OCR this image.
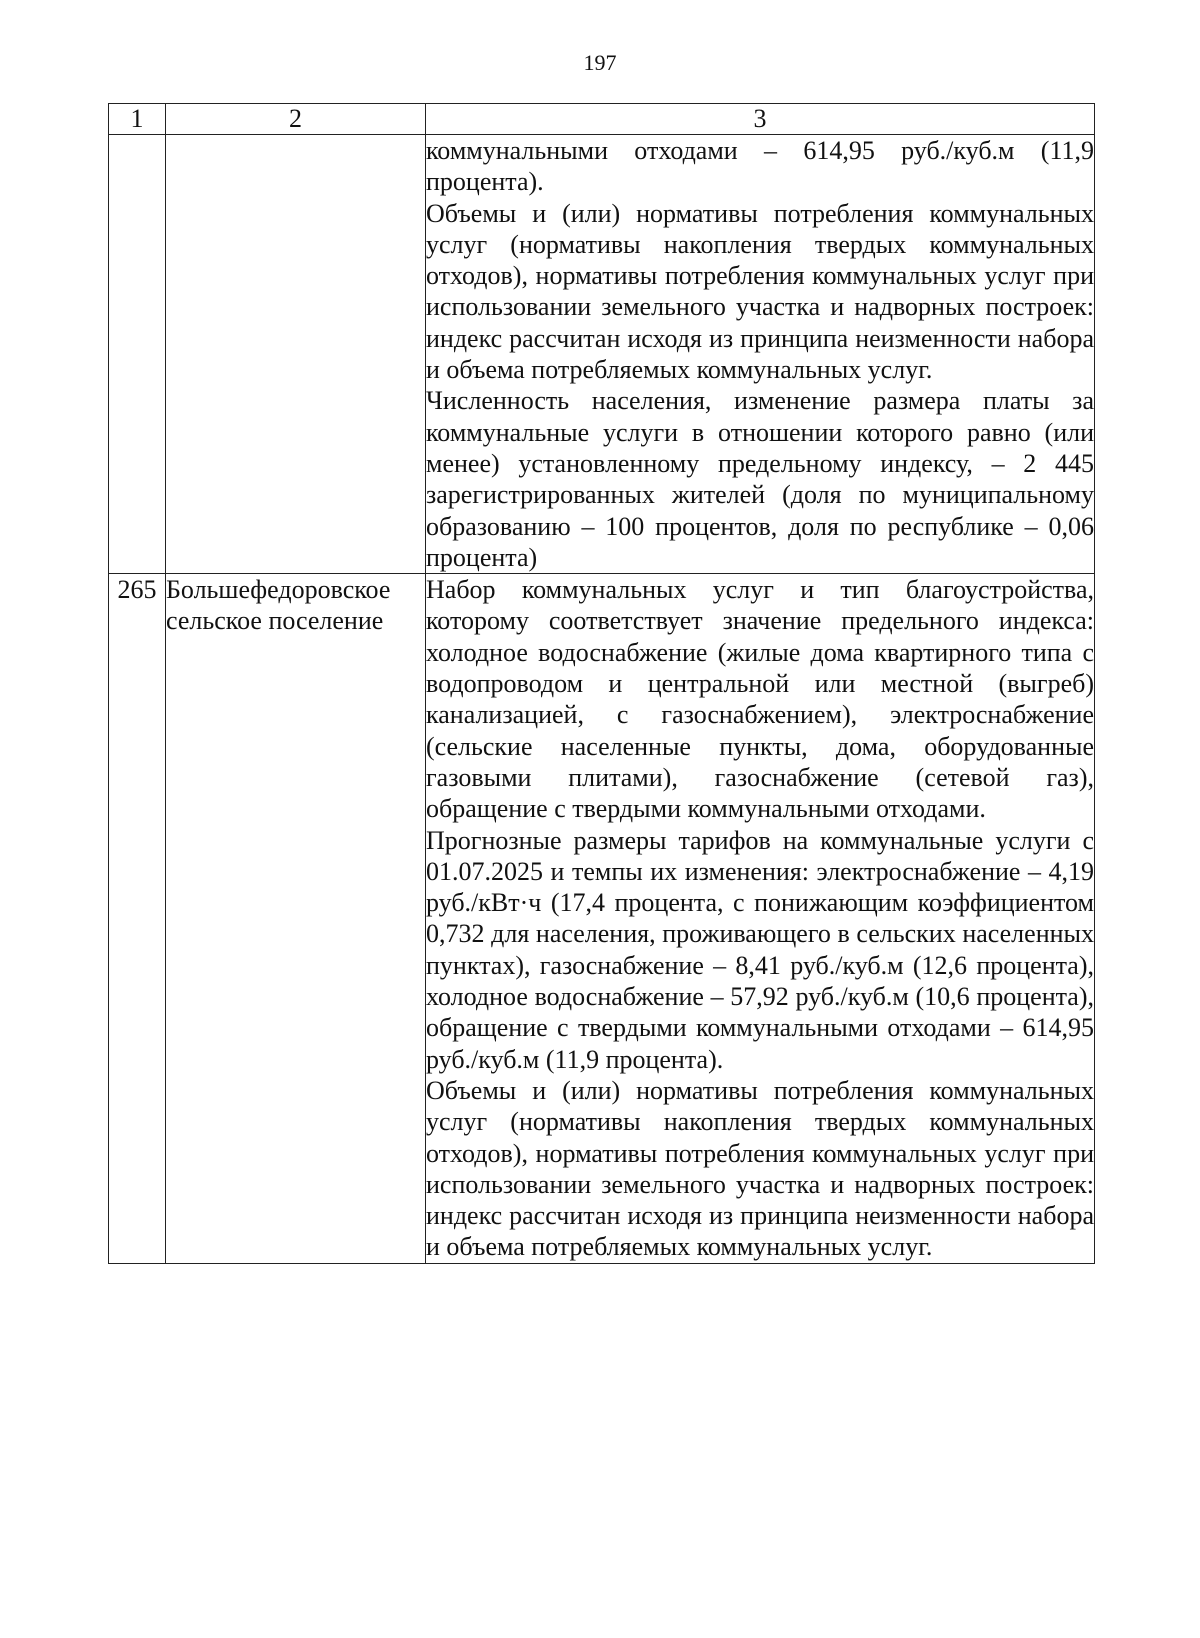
197
1	2	3

		коммунальными отходами – 614,95 руб./куб.м (11,9 процента).

Объемы и (или) нормативы потребления коммунальных услуг (нормативы накопления твердых коммунальных отходов), нормативы потребления коммунальных услуг при использовании земельного участка и надворных построек: индекс рассчитан исходя из принципа неизменности набора и объема потребляемых коммунальных услуг.

Численность населения, изменение размера платы за коммунальные услуги в отношении которого равно (или менее) установленному предельному индексу, – 2 445 зарегистрированных жителей (доля по муниципальному образованию – 100 процентов, доля по республике – 0,06 процента)

265	Большефедоровское сельское поселение	Набор коммунальных услуг и тип благоустройства, которому соответствует значение предельного индекса: холодное водоснабжение (жилые дома квартирного типа с водопроводом и центральной или местной (выгреб) канализацией, с газоснабжением), электроснабжение (сельские населенные пункты, дома, оборудованные газовыми плитами), газоснабжение (сетевой газ), обращение с твердыми коммунальными отходами.

Прогнозные размеры тарифов на коммунальные услуги с 01.07.2025 и темпы их изменения: электроснабжение – 4,19 руб./кВт·ч (17,4 процента, с понижающим коэффициентом 0,732 для населения, проживающего в сельских населенных пунктах), газоснабжение – 8,41 руб./куб.м (12,6 процента), холодное водоснабжение – 57,92 руб./куб.м (10,6 процента), обращение с твердыми коммунальными отходами – 614,95 руб./куб.м (11,9 процента).

Объемы и (или) нормативы потребления коммунальных услуг (нормативы накопления твердых коммунальных отходов), нормативы потребления коммунальных услуг при использовании земельного участка и надворных построек: индекс рассчитан исходя из принципа неизменности набора и объема потребляемых коммунальных услуг.
